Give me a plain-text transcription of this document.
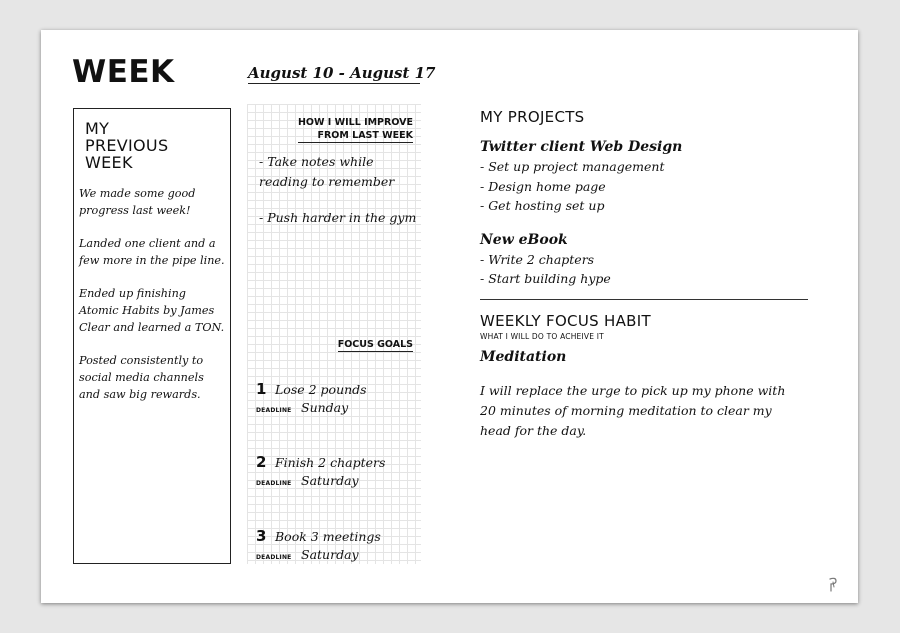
WEEK	August 10 - August 17
MY
PREVIOUS
WEEK

We made some good progress last week!

Landed one client and a few more in the pipe line.

Ended up finishing Atomic Habits by James Clear and learned a TON.

Posted consistently to social media channels and saw big rewards.

HOW I WILL IMPROVE
FROM LAST WEEK

- Take notes while reading to remember

- Push harder in the gym

FOCUS GOALS
1 Lose 2 pounds
DEADLINE Sunday
2 Finish 2 chapters
DEADLINE Saturday
3 Book 3 meetings
DEADLINE Saturday
MY PROJECTS
Twitter client Web Design
- Set up project management
- Design home page
- Get hosting set up
New eBook
- Write 2 chapters
- Start building hype
WEEKLY FOCUS HABIT
WHAT I WILL DO TO ACHEIVE IT
Meditation
I will replace the urge to pick up my phone with 20 minutes of morning meditation to clear my head for the day.
